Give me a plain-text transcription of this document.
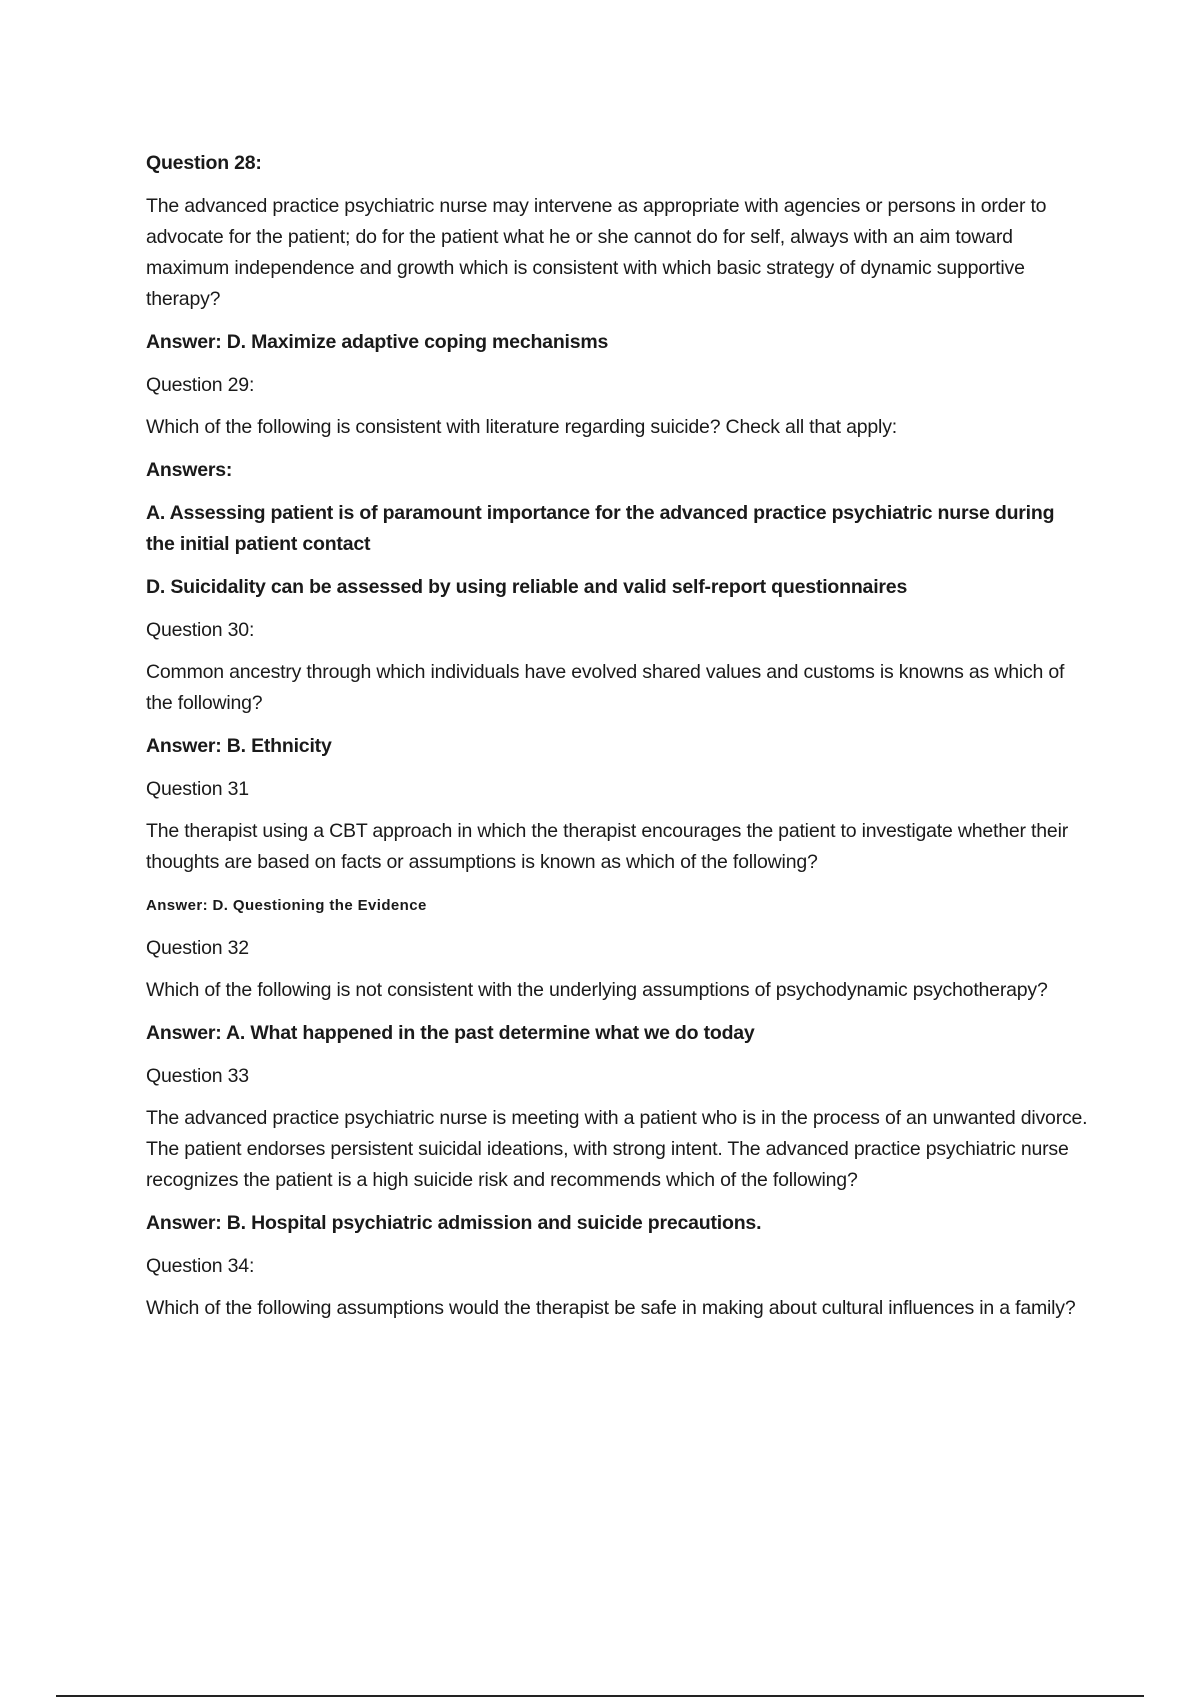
Question 28:

The advanced practice psychiatric nurse may intervene as appropriate with agencies or persons in order to advocate for the patient; do for the patient what he or she cannot do for self, always with an aim toward maximum independence and growth which is consistent with which basic strategy of dynamic supportive therapy?

Answer: D. Maximize adaptive coping mechanisms

Question 29:

Which of the following is consistent with literature regarding suicide? Check all that apply:

Answers:

A. Assessing patient is of paramount importance for the advanced practice psychiatric nurse during the initial patient contact

D. Suicidality can be assessed by using reliable and valid self-report questionnaires

Question 30:

Common ancestry through which individuals have evolved shared values and customs is knowns as which of the following?

Answer: B. Ethnicity

Question 31

The therapist using a CBT approach in which the therapist encourages the patient to investigate whether their thoughts are based on facts or assumptions is known as which of the following?

Answer: D. Questioning the Evidence

Question 32

Which of the following is not consistent with the underlying assumptions of psychodynamic psychotherapy?

Answer: A. What happened in the past determine what we do today

Question 33

The advanced practice psychiatric nurse is meeting with a patient who is in the process of an unwanted divorce. The patient endorses persistent suicidal ideations, with strong intent. The advanced practice psychiatric nurse recognizes the patient is a high suicide risk and recommends which of the following?

Answer: B. Hospital psychiatric admission and suicide precautions.

Question 34:

Which of the following assumptions would the therapist be safe in making about cultural influences in a family?
